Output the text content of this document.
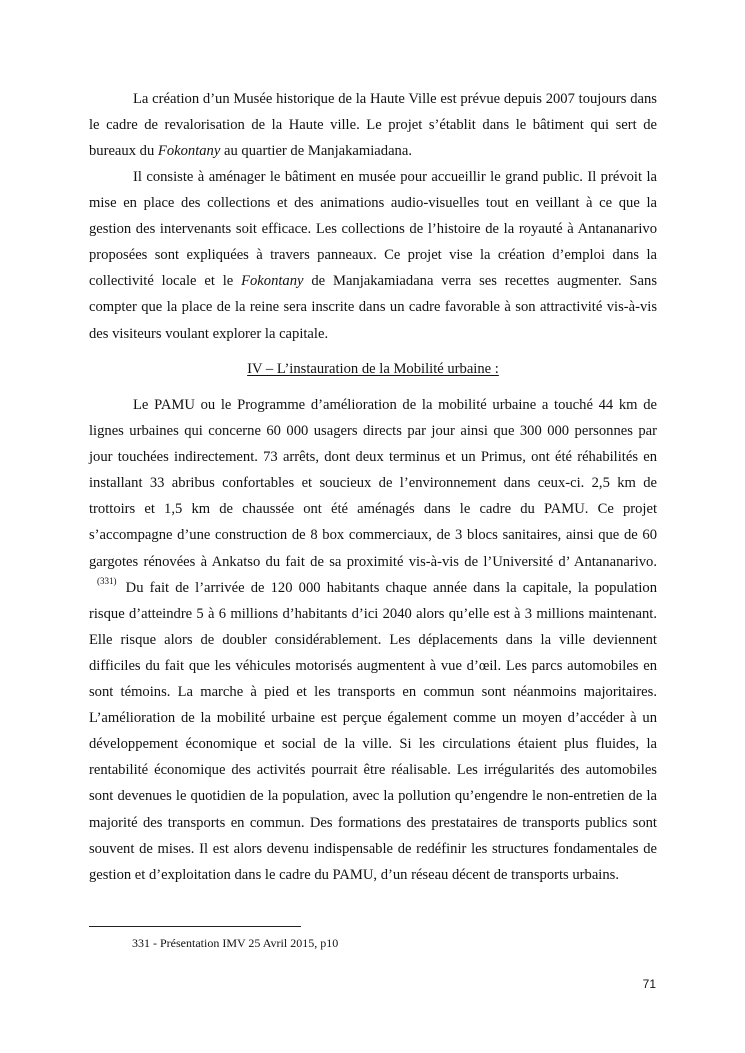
La création d’un Musée historique de la Haute Ville est prévue depuis 2007 toujours dans le cadre de revalorisation de la Haute ville. Le projet s’établit dans le bâtiment qui sert de bureaux du Fokontany au quartier de Manjakamiadana.

Il consiste à aménager le bâtiment en musée pour accueillir le grand public. Il prévoit la mise en place des collections et des animations audio-visuelles tout en veillant à ce que la gestion des intervenants soit efficace. Les collections de l’histoire de la royauté à Antananarivo proposées sont expliquées à travers panneaux. Ce projet vise la création d’emploi dans la collectivité locale et le Fokontany de Manjakamiadana verra ses recettes augmenter. Sans compter que la place de la reine sera inscrite dans un cadre favorable à son attractivité vis-à-vis des visiteurs voulant explorer la capitale.

IV – L’instauration de la Mobilité urbaine :

Le PAMU ou le Programme d’amélioration de la mobilité urbaine a touché 44 km de lignes urbaines qui concerne 60 000 usagers directs par jour ainsi que 300 000 personnes par jour touchées indirectement. 73 arrêts, dont deux terminus et un Primus, ont été réhabilités en installant 33 abribus confortables et soucieux de l’environnement dans ceux-ci. 2,5 km de trottoirs et 1,5 km de chaussée ont été aménagés dans le cadre du PAMU. Ce projet s’accompagne d’une construction de 8 box commerciaux, de 3 blocs sanitaires, ainsi que de 60 gargotes rénovées à Ankatso du fait de sa proximité vis-à-vis de l’Université d’ Antananarivo.$^{(331)}$ Du fait de l’arrivée de 120 000 habitants chaque année dans la capitale, la population risque d’atteindre 5 à 6 millions d’habitants d’ici 2040 alors qu’elle est à 3 millions maintenant. Elle risque alors de doubler considérablement. Les déplacements dans la ville deviennent difficiles du fait que les véhicules motorisés augmentent à vue d’œil. Les parcs automobiles en sont témoins. La marche à pied et les transports en commun sont néanmoins majoritaires. L’amélioration de la mobilité urbaine est perçue également comme un moyen d’accéder à un développement économique et social de la ville. Si les circulations étaient plus fluides, la rentabilité économique des activités pourrait être réalisable. Les irrégularités des automobiles sont devenues le quotidien de la population, avec la pollution qu’engendre le non-entretien de la majorité des transports en commun. Des formations des prestataires de transports publics sont souvent de mises. Il est alors devenu indispensable de redéfinir les structures fondamentales de gestion et d’exploitation dans le cadre du PAMU, d’un réseau décent de transports urbains.

331 - Présentation IMV 25 Avril 2015, p10

71
